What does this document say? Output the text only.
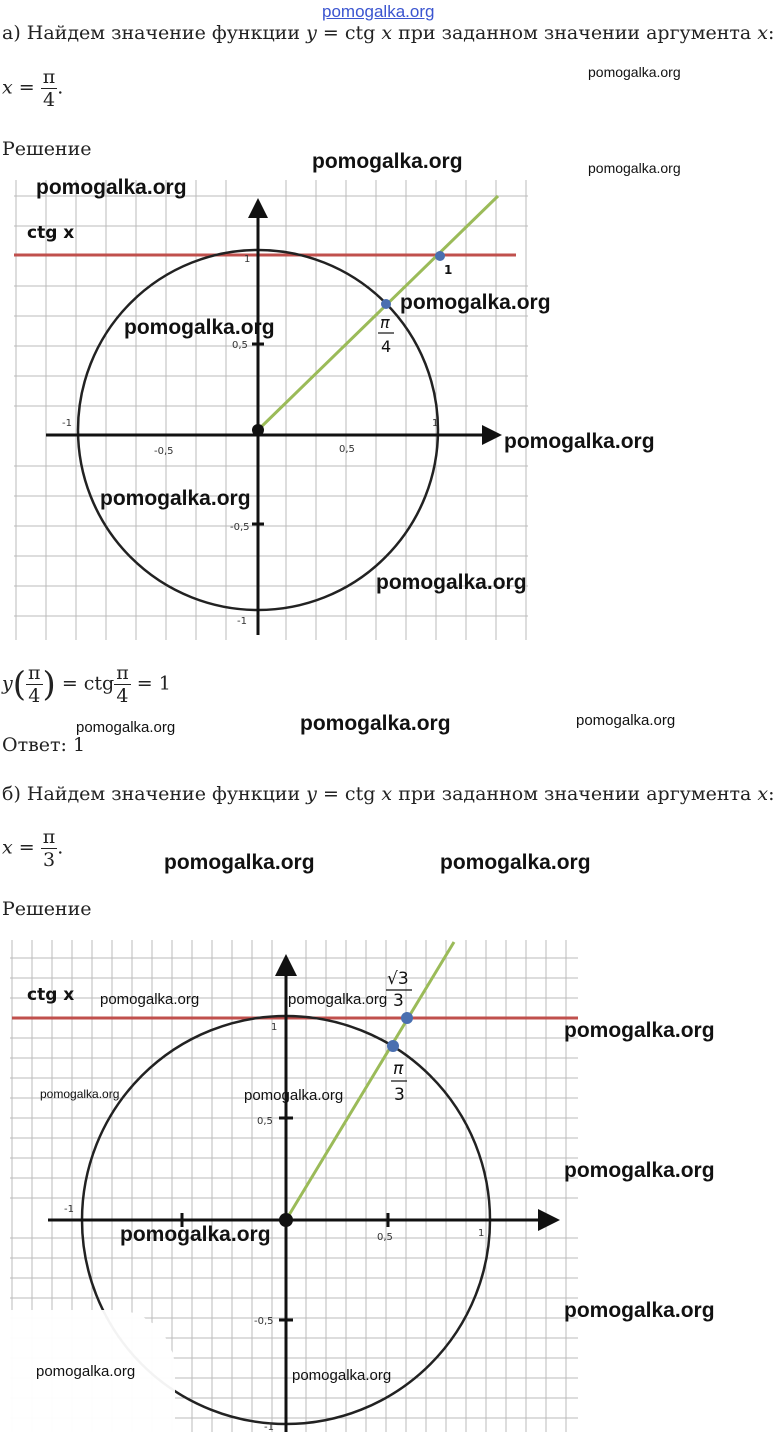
pomogalka.org
а) Найдем значение функции y = ctg x при заданном значении аргумента x:
$x = \frac{\pi}{4}$ .
Решение
ctg x
-1
-0,5	0,5
1
1
0,5
-0,5
-1
1
π
4
$y( \frac{\pi}{4}$ ) = ctg $\frac{\pi}{4} = 1$
Ответ: 1
б) Найдем значение функции y = ctg x при заданном значении аргумента x:
$x = \frac{\pi}{3}$ .
Решение
ctg x
-1
0,5	1
1
0,5
-0,5
-1
√3
3
π
3
pomogalka.org
pomogalka.org	pomogalka.org
pomogalka.org
pomogalka.org
pomogalka.org
pomogalka.org
pomogalka.org
pomogalka.org
pomogalka.org	pomogalka.org	pomogalka.org
pomogalka.org	pomogalka.org
pomogalka.org	pomogalka.org
pomogalka.org
pomogalka.org	pomogalka.org
pomogalka.org
pomogalka.org
pomogalka.org
pomogalka.org	pomogalka.org
